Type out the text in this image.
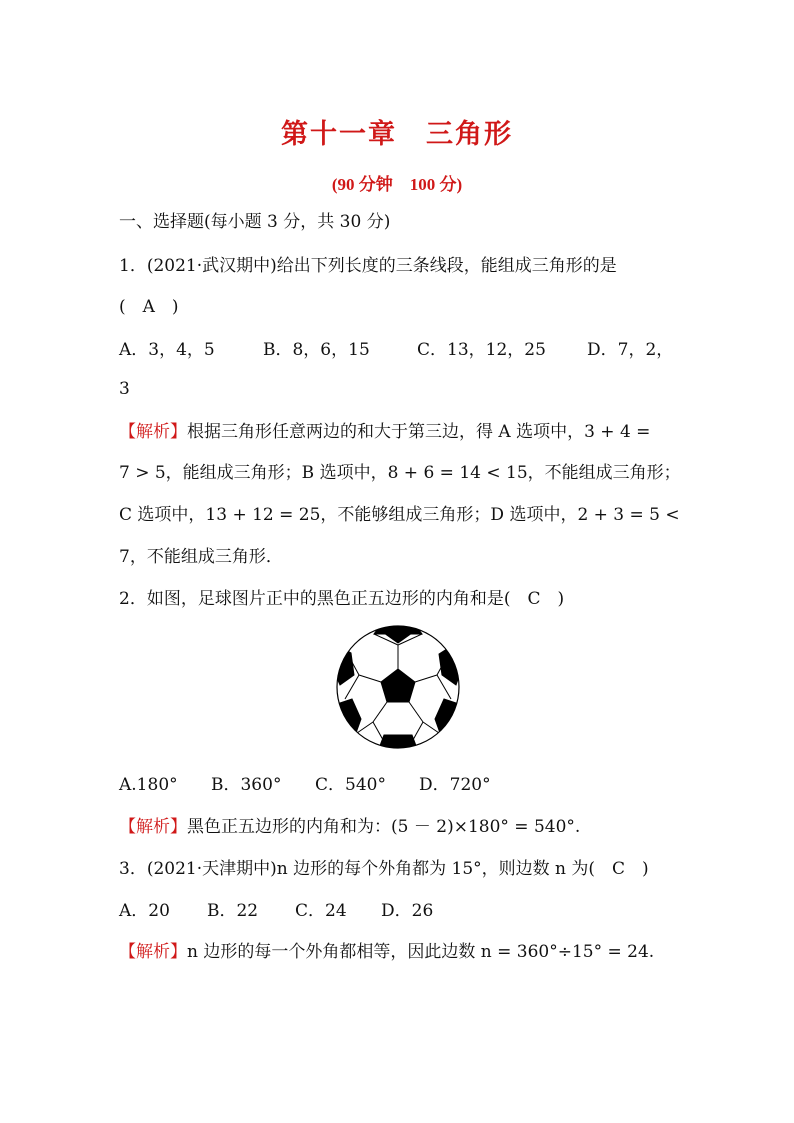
第十一章　三角形
(90 分钟　100 分)
一、选择题(每小题 3 分，共 30 分)
1．(2021·武汉期中)给出下列长度的三条线段，能组成三角形的是
(　A　)
A．3，4，5	B．8，6，15	C．13，12，25 D．7，2，
3
【解析】根据三角形任意两边的和大于第三边，得 A 选项中，3 + 4 =
7 > 5，能组成三角形；B 选项中，8 + 6 = 14 < 15，不能组成三角形；
C 选项中，13 + 12 = 25，不能够组成三角形；D 选项中，2 + 3 = 5 <
7，不能组成三角形．
2．如图，足球图片正中的黑色正五边形的内角和是(　C　)
A.180° B．360° C．540° D．720°
【解析】黑色正五边形的内角和为：(5 － 2)×180° = 540°.
3．(2021·天津期中)n 边形的每个外角都为 15°，则边数 n 为(　C　)
A．20 B．22 C．24 D．26
【解析】n 边形的每一个外角都相等，因此边数 n = 360°÷15° = 24.
